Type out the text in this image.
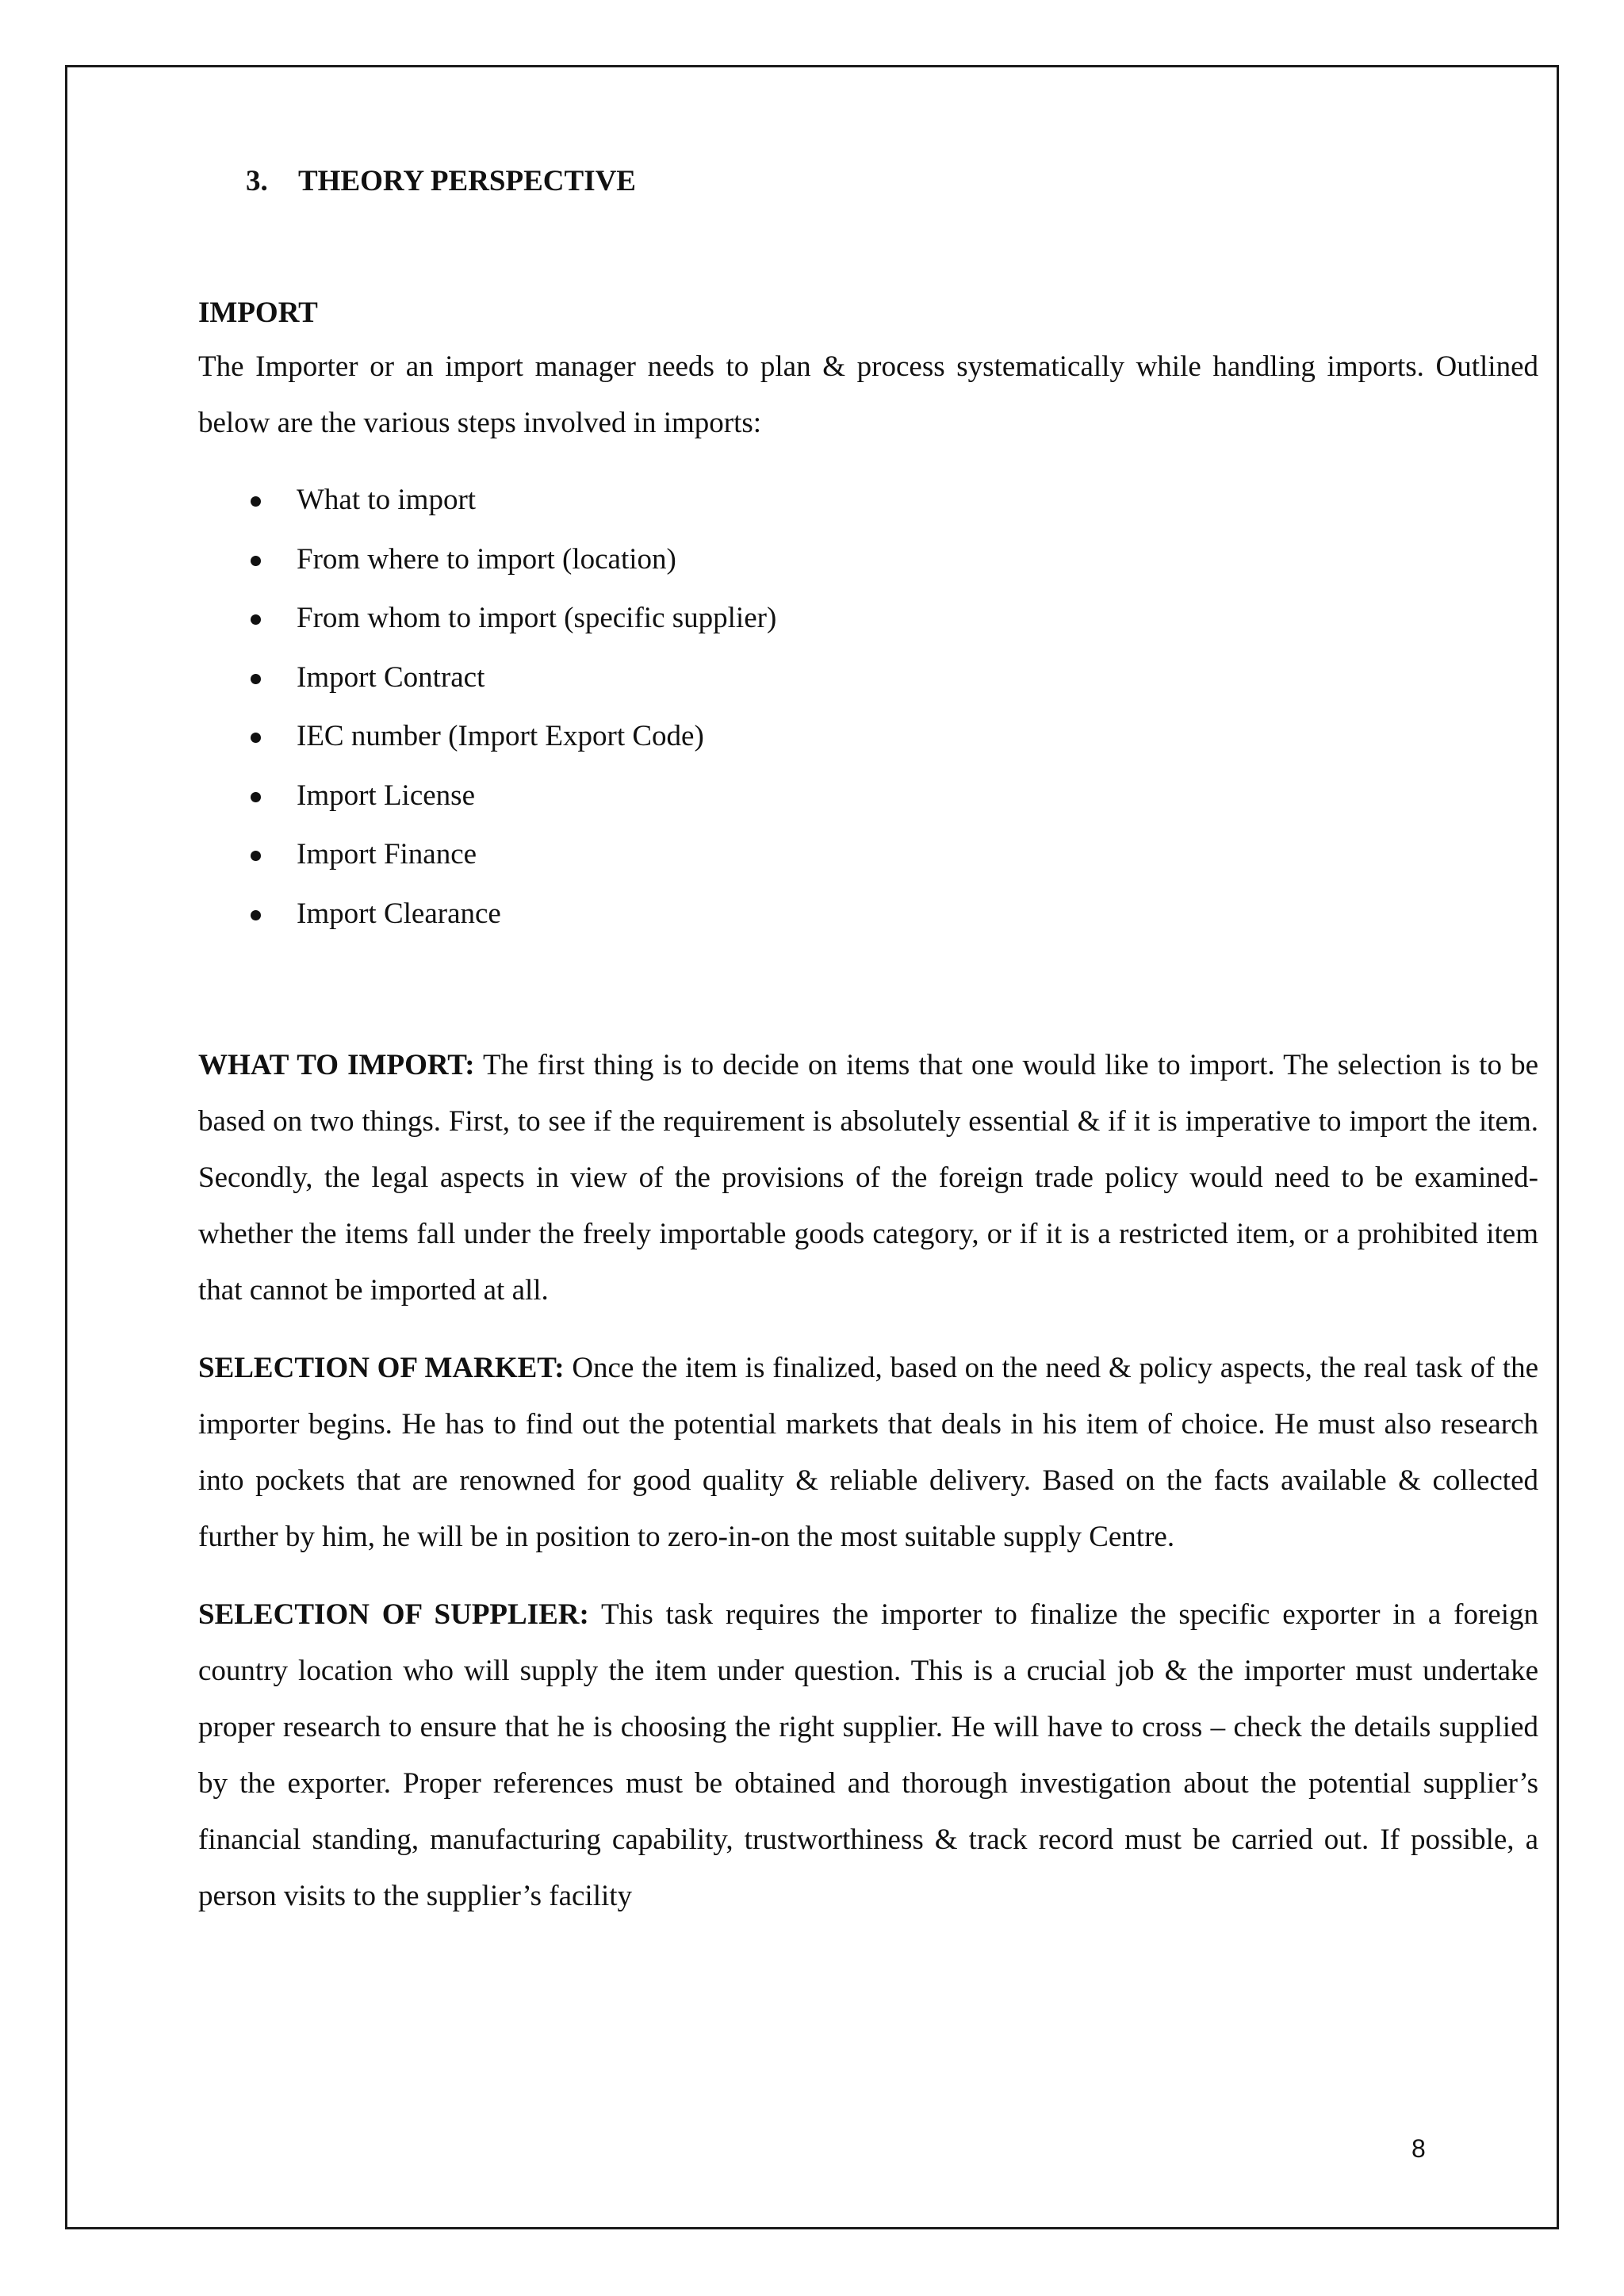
3. THEORY PERSPECTIVE
IMPORT

The Importer or an import manager needs to plan & process systematically while handling imports. Outlined below are the various steps involved in imports:

What to import
From where to import (location)
From whom to import (specific supplier)
Import Contract
IEC number (Import Export Code)
Import License
Import Finance
Import Clearance

WHAT TO IMPORT: The first thing is to decide on items that one would like to import. The selection is to be based on two things. First, to see if the requirement is absolutely essential & if it is imperative to import the item. Secondly, the legal aspects in view of the provisions of the foreign trade policy would need to be examined- whether the items fall under the freely importable goods category, or if it is a restricted item, or a prohibited item that cannot be imported at all.

SELECTION OF MARKET: Once the item is finalized, based on the need & policy aspects, the real task of the importer begins. He has to find out the potential markets that deals in his item of choice. He must also research into pockets that are renowned for good quality & reliable delivery. Based on the facts available & collected further by him, he will be in position to zero-in-on the most suitable supply Centre.

SELECTION OF SUPPLIER: This task requires the importer to finalize the specific exporter in a foreign country location who will supply the item under question. This is a crucial job & the importer must undertake proper research to ensure that he is choosing the right supplier. He will have to cross – check the details supplied by the exporter. Proper references must be obtained and thorough investigation about the potential supplier’s financial standing, manufacturing capability, trustworthiness & track record must be carried out. If possible, a person visits to the supplier’s facility

8
